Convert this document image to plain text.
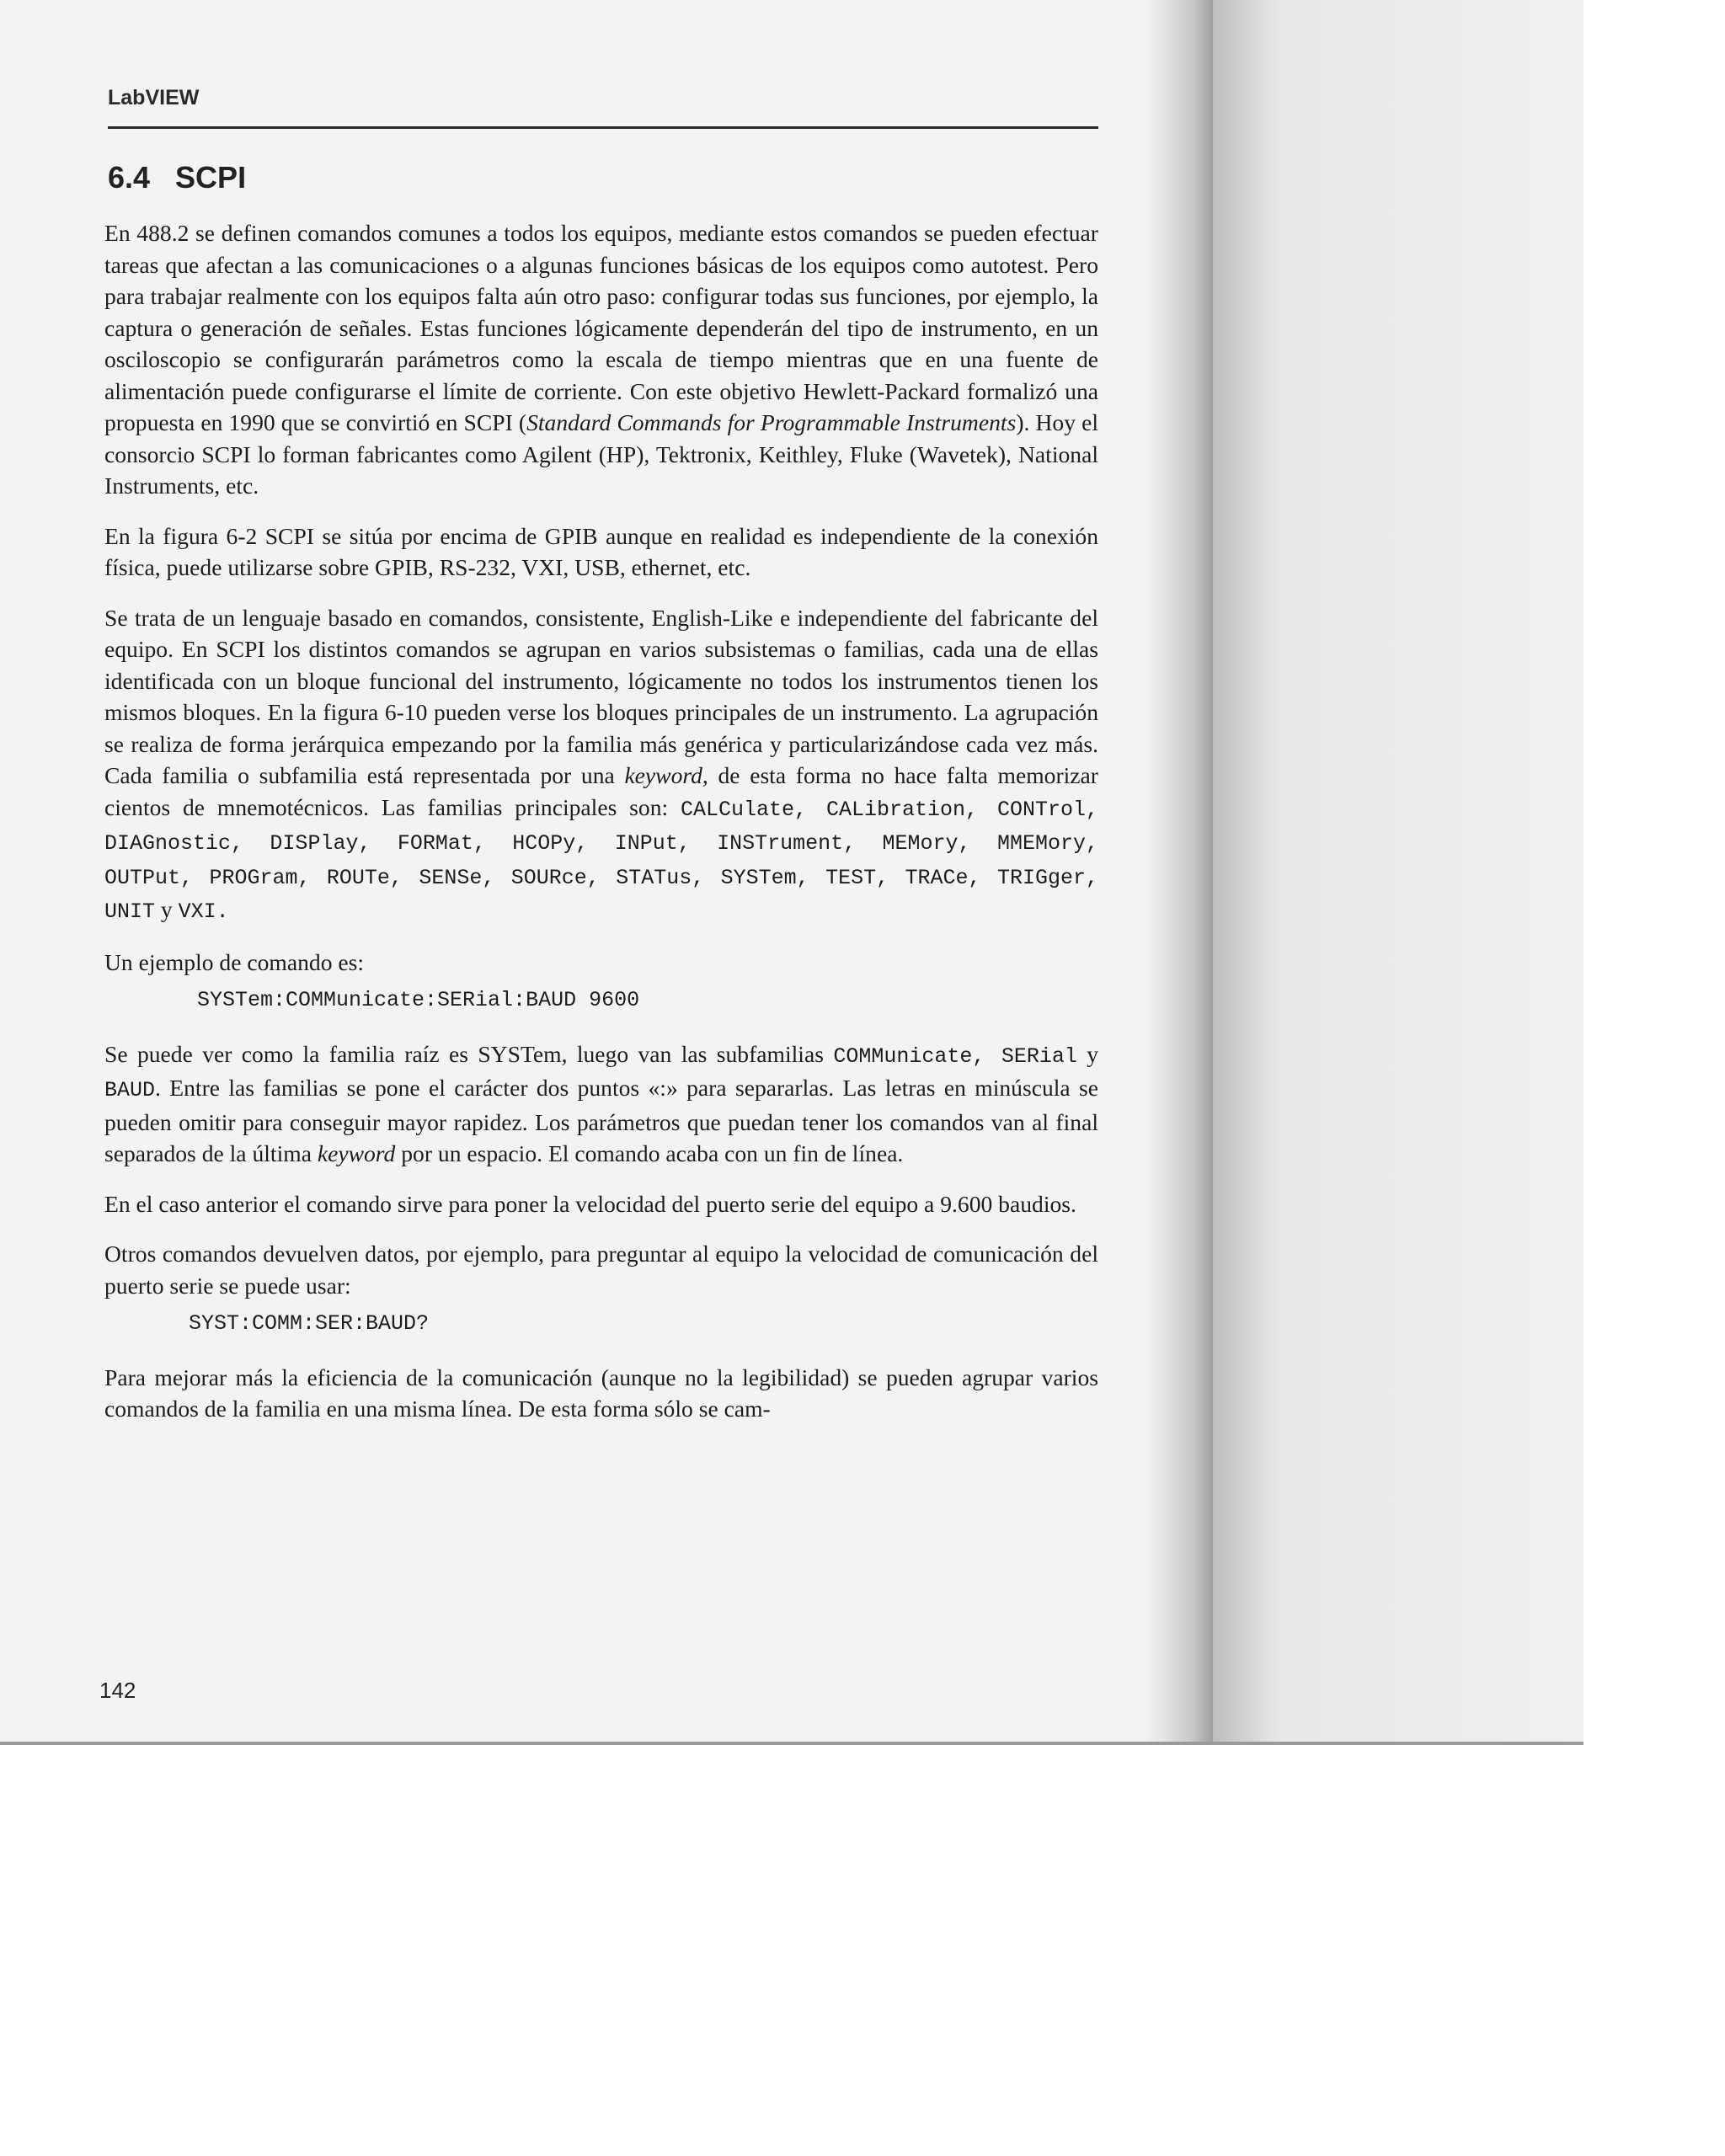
LabVIEW
6.4 SCPI

En 488.2 se definen comandos comunes a todos los equipos, mediante estos comandos se pueden efectuar tareas que afectan a las comunicaciones o a algunas funciones básicas de los equipos como autotest. Pero para trabajar realmente con los equipos falta aún otro paso: configurar todas sus funciones, por ejemplo, la captura o generación de señales. Estas funciones lógicamente dependerán del tipo de instrumento, en un osciloscopio se configurarán parámetros como la escala de tiempo mientras que en una fuente de alimentación puede configurarse el límite de corriente. Con este objetivo Hewlett-Packard formalizó una propuesta en 1990 que se convirtió en SCPI (Standard Commands for Programmable Instruments). Hoy el consorcio SCPI lo forman fabricantes como Agilent (HP), Tektronix, Keithley, Fluke (Wavetek), National Instruments, etc.

En la figura 6-2 SCPI se sitúa por encima de GPIB aunque en realidad es independiente de la conexión física, puede utilizarse sobre GPIB, RS-232, VXI, USB, ethernet, etc.

Se trata de un lenguaje basado en comandos, consistente, English-Like e independiente del fabricante del equipo. En SCPI los distintos comandos se agrupan en varios subsistemas o familias, cada una de ellas identificada con un bloque funcional del instrumento, lógicamente no todos los instrumentos tienen los mismos bloques. En la figura 6-10 pueden verse los bloques principales de un instrumento. La agrupación se realiza de forma jerárquica empezando por la familia más genérica y particularizándose cada vez más. Cada familia o subfamilia está representada por una keyword, de esta forma no hace falta memorizar cientos de mnemotécnicos. Las familias principales son: CALCulate, CALibration, CONTrol, DIAGnostic, DISPlay, FORMat, HCOPy, INPut, INSTrument, MEMory, MMEMory, OUTPut, PROGram, ROUTe, SENSe, SOURce, STATus, SYSTem, TEST, TRACe, TRIGger, UNIT y VXI.

Un ejemplo de comando es:

SYSTem:COMMunicate:SERial:BAUD 9600

Se puede ver como la familia raíz es SYSTem, luego van las subfamilias COMMunicate, SERial y BAUD. Entre las familias se pone el carácter dos puntos «:» para separarlas. Las letras en minúscula se pueden omitir para conseguir mayor rapidez. Los parámetros que puedan tener los comandos van al final separados de la última keyword por un espacio. El comando acaba con un fin de línea.

En el caso anterior el comando sirve para poner la velocidad del puerto serie del equipo a 9.600 baudios.

Otros comandos devuelven datos, por ejemplo, para preguntar al equipo la velocidad de comunicación del puerto serie se puede usar:

SYST:COMM:SER:BAUD?

Para mejorar más la eficiencia de la comunicación (aunque no la legibilidad) se pueden agrupar varios comandos de la familia en una misma línea. De esta forma sólo se cam-

142
